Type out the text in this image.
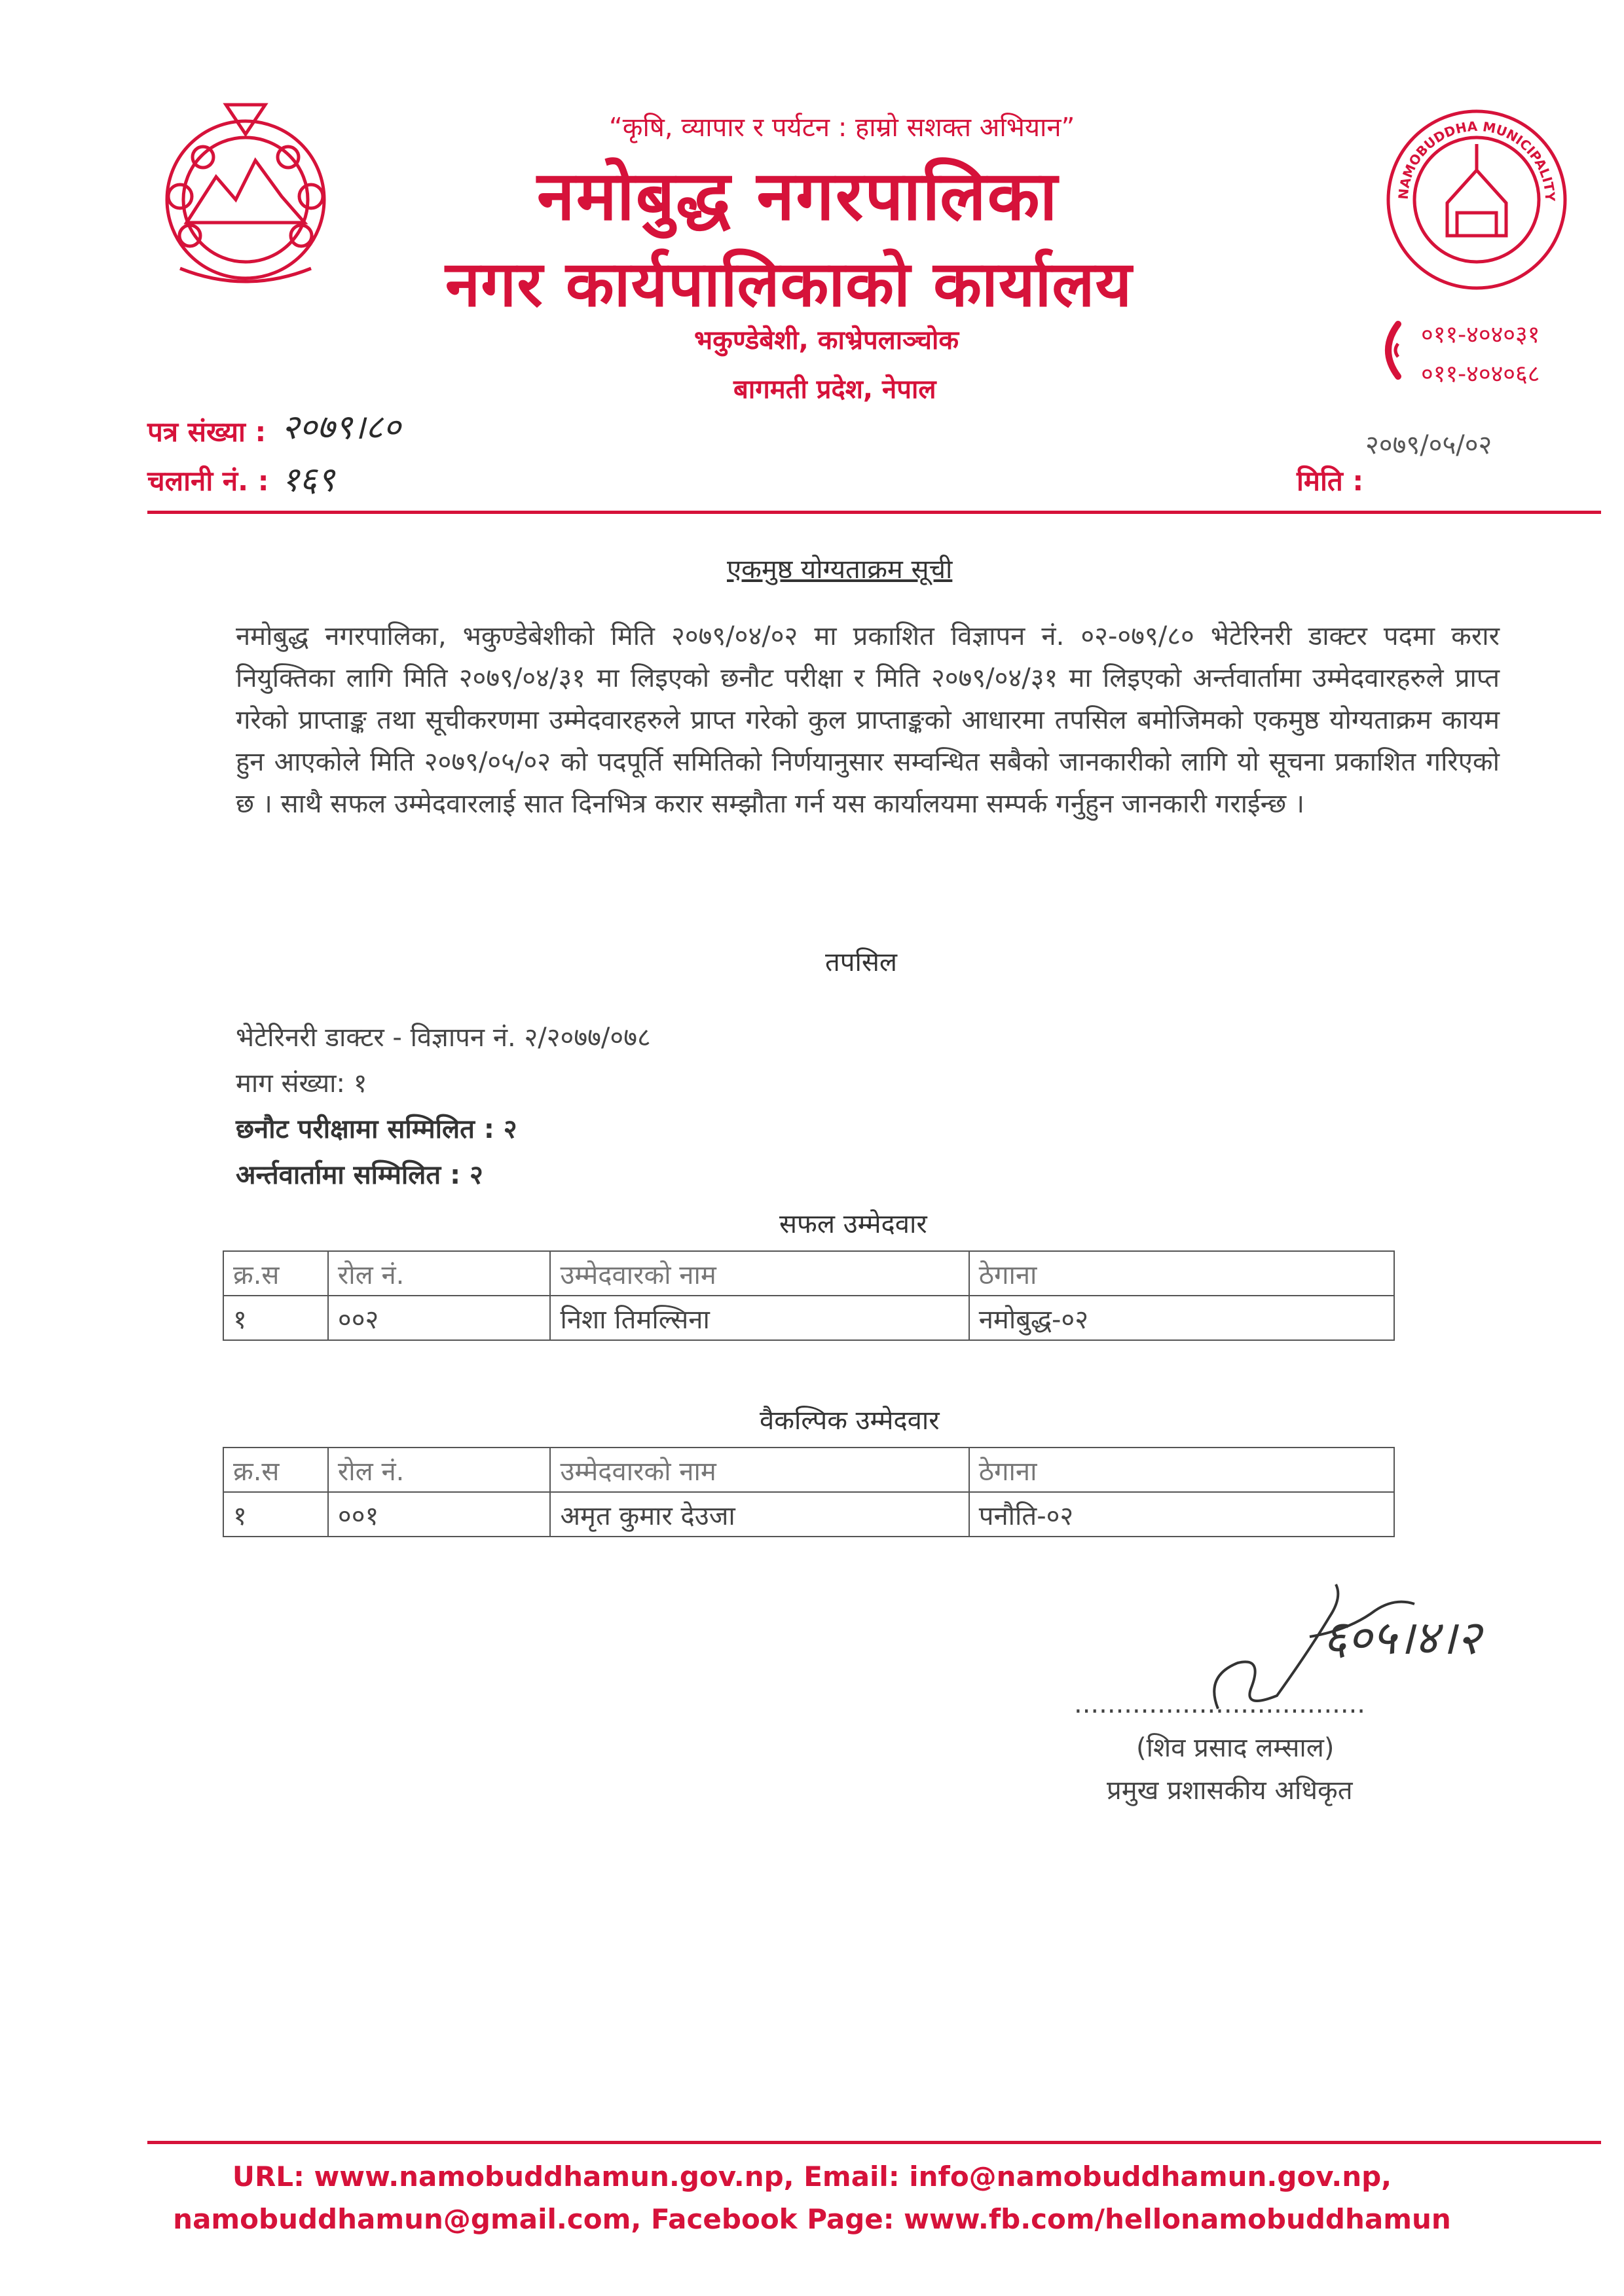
“कृषि, व्यापार र पर्यटन : हाम्रो सशक्त अभियान”
नमोबुद्ध नगरपालिका
नगर कार्यपालिकाको कार्यालय
भकुण्डेबेशी, काभ्रेपलाञ्चोक
बागमती प्रदेश, नेपाल
NAMOBUDDHA MUNICIPALITY
०११-४०४०३१
०११-४०४०६८
पत्र संख्या : २०७९।८०
चलानी नं. : १६९
२०७९/०५/०२
मिति :
एकमुष्ठ योग्यताक्रम सूची
नमोबुद्ध नगरपालिका, भकुण्डेबेशीको मिति २०७९/०४/०२ मा प्रकाशित विज्ञापन नं. ०२-०७९/८० भेटेरिनरी डाक्टर पदमा करार नियुक्तिका लागि मिति २०७९/०४/३१ मा लिइएको छनौट परीक्षा र मिति २०७९/०४/३१ मा लिइएको अर्न्तवार्तामा उम्मेदवारहरुले प्राप्त गरेको प्राप्ताङ्क तथा सूचीकरणमा उम्मेदवारहरुले प्राप्त गरेको कुल प्राप्ताङ्कको आधारमा तपसिल बमोजिमको एकमुष्ठ योग्यताक्रम कायम हुन आएकोले मिति २०७९/०५/०२ को पदपूर्ति समितिको निर्णयानुसार सम्वन्धित सबैको जानकारीको लागि यो सूचना प्रकाशित गरिएको छ । साथै सफल उम्मेदवारलाई सात दिनभित्र करार सम्झौता गर्न यस कार्यालयमा सम्पर्क गर्नुहुन जानकारी गराईन्छ ।
तपसिल
भेटेरिनरी डाक्टर - विज्ञापन नं. २/२०७७/०७८
माग संख्या: १
छनौट परीक्षामा सम्मिलित : २
अर्न्तवार्तामा सम्मिलित : २
सफल उम्मेदवार
क्र.स	रोल नं.	उम्मेदवारको नाम	ठेगाना
१	००२	निशा तिमल्सिना	नमोबुद्ध-०२
वैकल्पिक उम्मेदवार
क्र.स	रोल नं.	उम्मेदवारको नाम	ठेगाना
१	००१	अमृत कुमार देउजा	पनौति-०२
६०५।४।२
...................................
(शिव प्रसाद लम्साल)
प्रमुख प्रशासकीय अधिकृत
URL: www.namobuddhamun.gov.np, Email: info@namobuddhamun.gov.np,
namobuddhamun@gmail.com, Facebook Page: www.fb.com/hellonamobuddhamun
